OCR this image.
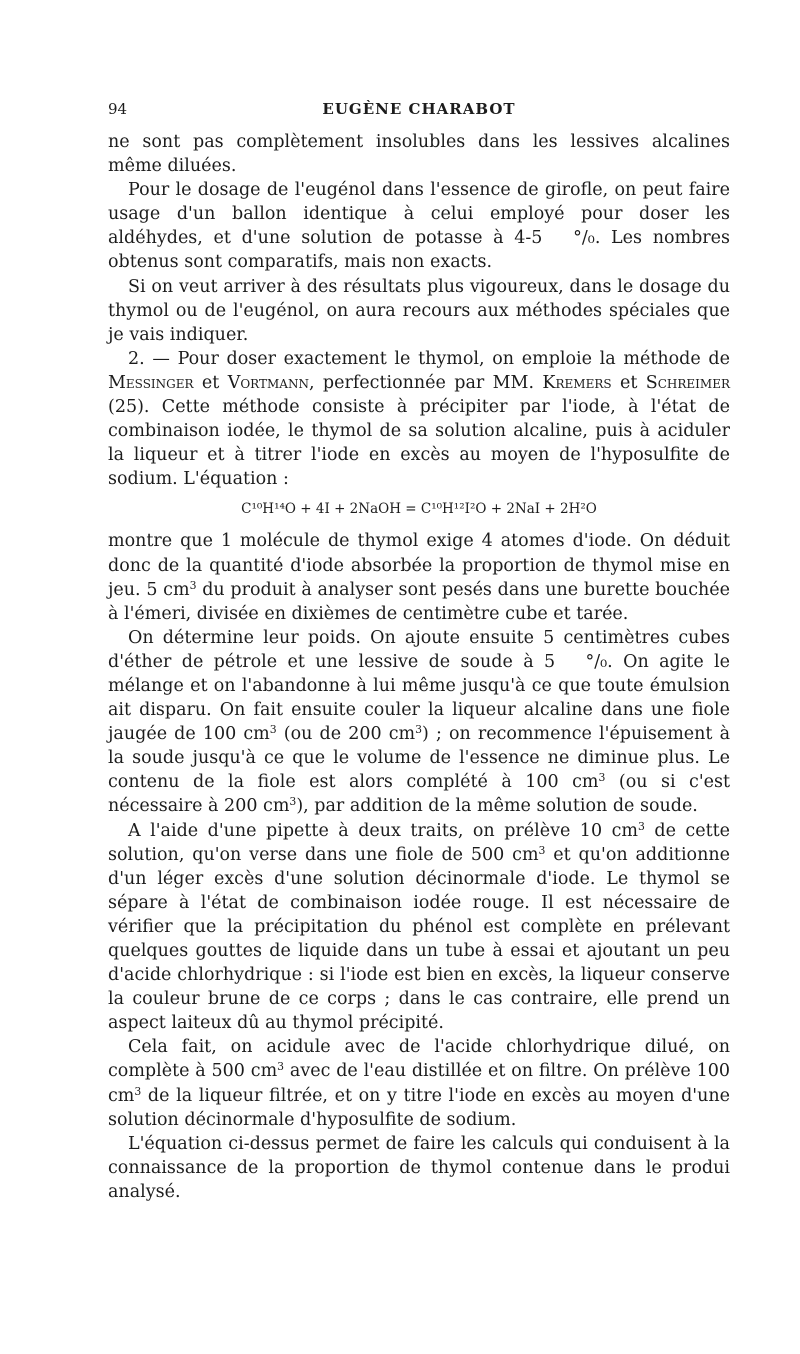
94	EUGÈNE CHARABOT

ne sont pas complètement insolubles dans les lessives alcalines même diluées.

Pour le dosage de l'eugénol dans l'essence de girofle, on peut faire usage d'un ballon identique à celui employé pour doser les aldéhydes, et d'une solution de potasse à 4-5 °/₀. Les nombres obtenus sont comparatifs, mais non exacts.

Si on veut arriver à des résultats plus vigoureux, dans le dosage du thymol ou de l'eugénol, on aura recours aux méthodes spéciales que je vais indiquer.

2. — Pour doser exactement le thymol, on emploie la méthode de Messinger et Vortmann, perfectionnée par MM. Kremers et Schreimer (25). Cette méthode consiste à précipiter par l'iode, à l'état de combinaison iodée, le thymol de sa solution alcaline, puis à aciduler la liqueur et à titrer l'iode en excès au moyen de l'hyposulfite de sodium. L'équation :

C¹⁰H¹⁴O + 4I + 2NaOH = C¹⁰H¹²I²O + 2NaI + 2H²O

montre que 1 molécule de thymol exige 4 atomes d'iode. On déduit donc de la quantité d'iode absorbée la proportion de thymol mise en jeu. 5 $cm^3$ du produit à analyser sont pesés dans une burette bouchée à l'émeri, divisée en dixièmes de centimètre cube et tarée.

On détermine leur poids. On ajoute ensuite 5 centimètres cubes d'éther de pétrole et une lessive de soude à 5 °/₀. On agite le mélange et on l'abandonne à lui même jusqu'à ce que toute émulsion ait disparu. On fait ensuite couler la liqueur alcaline dans une fiole jaugée de 100 $cm^3$ (ou de 200 $cm^3$) ; on recommence l'épuisement à la soude jusqu'à ce que le volume de l'essence ne diminue plus. Le contenu de la fiole est alors complété à 100 $cm^3$ (ou si c'est nécessaire à 200 $cm^3$), par addition de la même solution de soude.

A l'aide d'une pipette à deux traits, on prélève 10 $cm^3$ de cette solution, qu'on verse dans une fiole de 500 $cm^3$ et qu'on additionne d'un léger excès d'une solution décinormale d'iode. Le thymol se sépare à l'état de combinaison iodée rouge. Il est nécessaire de vérifier que la précipitation du phénol est complète en prélevant quelques gouttes de liquide dans un tube à essai et ajoutant un peu d'acide chlorhydrique : si l'iode est bien en excès, la liqueur conserve la couleur brune de ce corps ; dans le cas contraire, elle prend un aspect laiteux dû au thymol précipité.

Cela fait, on acidule avec de l'acide chlorhydrique dilué, on complète à 500 $cm^3$ avec de l'eau distillée et on filtre. On prélève 100 $cm^3$ de la liqueur filtrée, et on y titre l'iode en excès au moyen d'une solution décinormale d'hyposulfite de sodium.

L'équation ci-dessus permet de faire les calculs qui conduisent à la connaissance de la proportion de thymol contenue dans le produi analysé.
